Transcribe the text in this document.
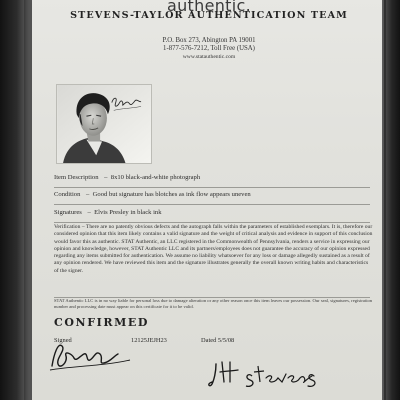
authentic.
STEVENS-TAYLOR AUTHENTICATION TEAM
P.O. Box 273, Abington PA 19001
1-877-576-7212, Toll Free (USA)
www.statauthentic.com
Item Description –  8x10 black-and-white photograph
Condition –  Good but signature has blotches as ink flow appears uneven
Signatures –  Elvis Presley in black ink
Verification – There are no patently obvious defects and the autograph falls within the parameters of established exemplars. It is, therefore our considered opinion that this item likely contains a valid signature and the weight of critical analysis and evidence in support of this conclusion would favor this as authentic. STAT Authentic, an LLC registered in the Commonwealth of Pennsylvania, renders a service in expressing our opinion and knowledge, however, STAT Authentic LLC and its partners/employees does not guarantee the accuracy of our opinion expressed regarding any items submitted for authentication. We assume no liability whatsoever for any loss or damage allegedly sustained as a result of any opinion rendered. We have reviewed this item and the signature illustrates generally the overall known writing habits and characteristics of the signer.
STAT Authentic LLC is in no way liable for personal loss due to damage alteration or any other reason once this item leaves our possession. Our seal, signatures, registration number and processing date must appear on this certificate for it to be valid.
CONFIRMED
Signed	12125JEJH23	Dated 5/5/08
